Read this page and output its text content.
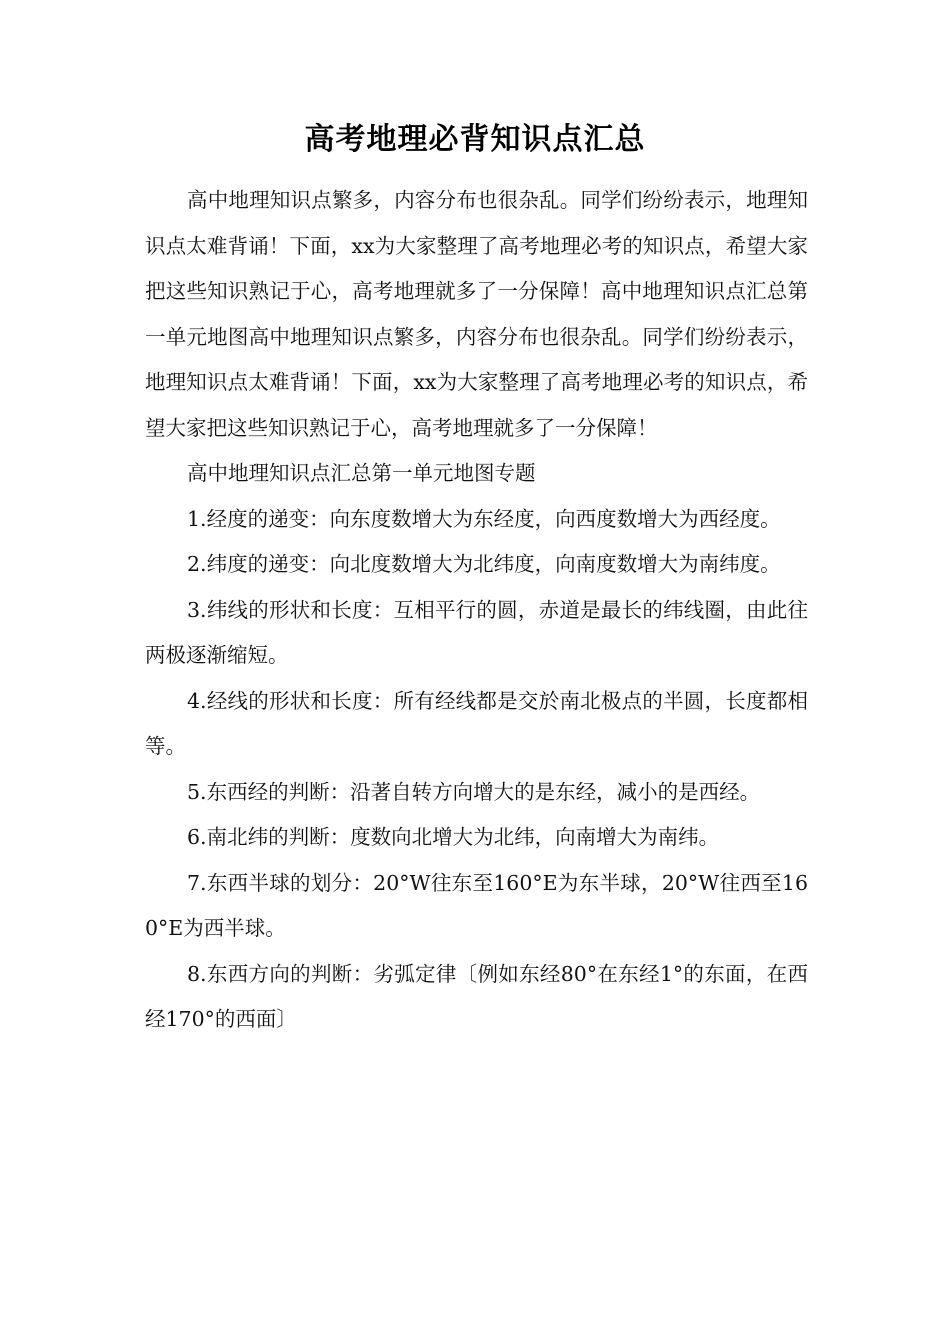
高考地理必背知识点汇总

高中地理知识点繁多，内容分布也很杂乱。同学们纷纷表示，地理知识点太难背诵！下面，xx为大家整理了高考地理必考的知识点，希望大家把这些知识熟记于心，高考地理就多了一分保障！高中地理知识点汇总第一单元地图高中地理知识点繁多，内容分布也很杂乱。同学们纷纷表示，地理知识点太难背诵！下面，xx为大家整理了高考地理必考的知识点，希望大家把这些知识熟记于心，高考地理就多了一分保障！

高中地理知识点汇总第一单元地图专题

1.经度的递变：向东度数增大为东经度，向西度数增大为西经度。

2.纬度的递变：向北度数增大为北纬度，向南度数增大为南纬度。

3.纬线的形状和长度：互相平行的圆，赤道是最长的纬线圈，由此往两极逐渐缩短。

4.经线的形状和长度：所有经线都是交於南北极点的半圆，长度都相等。

5.东西经的判断：沿著自转方向增大的是东经，减小的是西经。

6.南北纬的判断：度数向北增大为北纬，向南增大为南纬。

7.东西半球的划分：20°W往东至160°E为东半球，20°W往西至160°E为西半球。

8.东西方向的判断：劣弧定律〔例如东经80°在东经1°的东面，在西经170°的西面〕
